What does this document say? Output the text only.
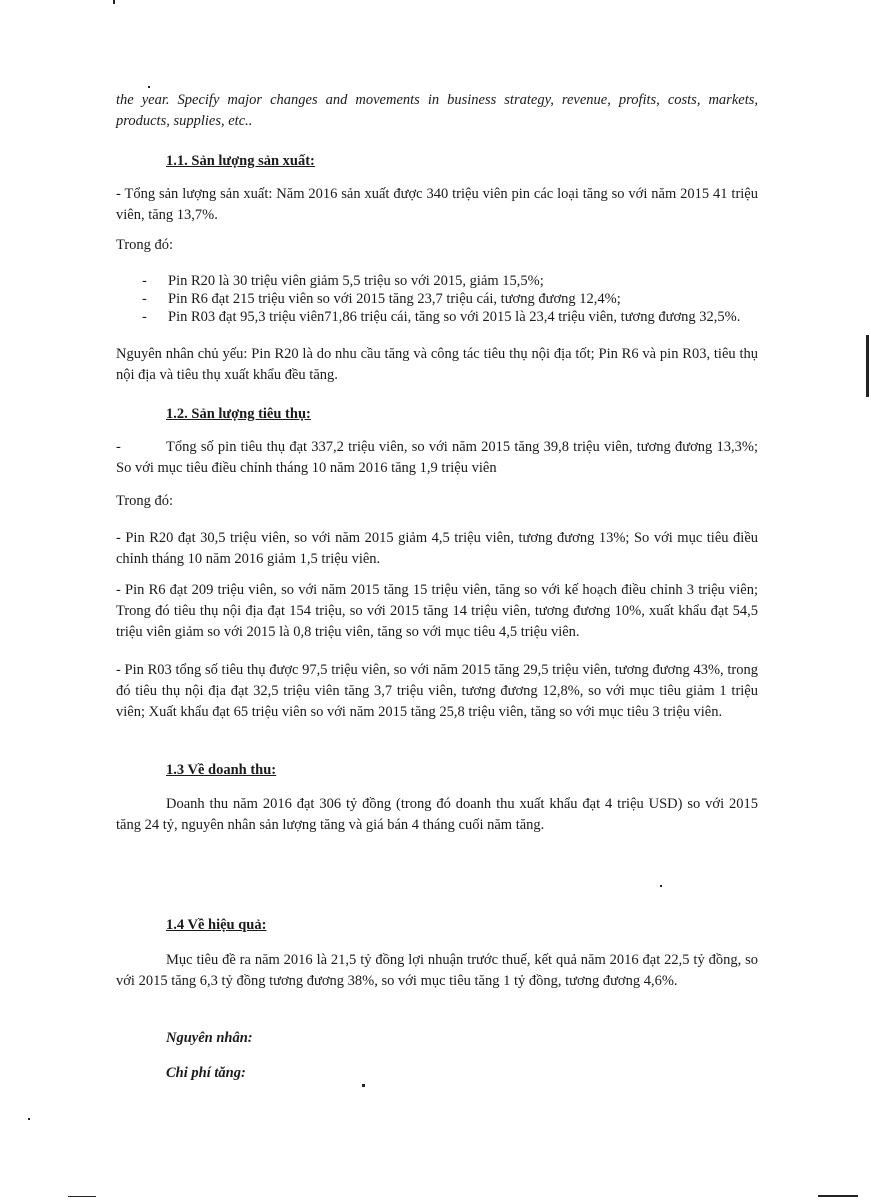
the year. Specify major changes and movements in business strategy, revenue, profits, costs, markets, products, supplies, etc..

1.1. Sản lượng sản xuất:

- Tổng sản lượng sản xuất: Năm 2016 sản xuất được 340 triệu viên pin các loại tăng so với năm 2015 41 triệu viên, tăng 13,7%.

Trong đó:

- Pin R20 là 30 triệu viên giảm 5,5 triệu so với 2015, giảm 15,5%;
- Pin R6 đạt 215 triệu viên so với 2015 tăng 23,7 triệu cái, tương đương 12,4%;
- Pin R03 đạt 95,3 triệu viên71,86 triệu cái, tăng so với 2015 là 23,4 triệu viên, tương đương 32,5%.

Nguyên nhân chủ yếu: Pin R20 là do nhu cầu tăng và công tác tiêu thụ nội địa tốt; Pin R6 và pin R03, tiêu thụ nội địa và tiêu thụ xuất khẩu đều tăng.

1.2. Sản lượng tiêu thụ:

-	Tổng số pin tiêu thụ đạt 337,2 triệu viên, so với năm 2015 tăng 39,8 triệu viên, tương đương 13,3%; So với mục tiêu điều chỉnh tháng 10 năm 2016 tăng 1,9 triệu viên

Trong đó:

- Pin R20 đạt 30,5 triệu viên, so với năm 2015 giảm 4,5 triệu viên, tương đương 13%; So với mục tiêu điều chỉnh tháng 10 năm 2016 giảm 1,5 triệu viên.

- Pin R6 đạt 209 triệu viên, so với năm 2015 tăng 15 triệu viên, tăng so với kế hoạch điều chỉnh 3 triệu viên; Trong đó tiêu thụ nội địa đạt 154 triệu, so với 2015 tăng 14 triệu viên, tương đương 10%, xuất khẩu đạt 54,5 triệu viên giảm so với 2015 là 0,8 triệu viên, tăng so với mục tiêu 4,5 triệu viên.

- Pin R03 tổng số tiêu thụ được 97,5 triệu viên, so với năm 2015 tăng 29,5 triệu viên, tương đương 43%, trong đó tiêu thụ nội địa đạt 32,5 triệu viên tăng 3,7 triệu viên, tương đương 12,8%, so với mục tiêu giảm 1 triệu viên; Xuất khẩu đạt 65 triệu viên so với năm 2015 tăng 25,8 triệu viên, tăng so với mục tiêu 3 triệu viên.

1.3 Về doanh thu:

Doanh thu năm 2016 đạt 306 tỷ đồng (trong đó doanh thu xuất khẩu đạt 4 triệu USD) so với 2015 tăng 24 tỷ, nguyên nhân sản lượng tăng và giá bán 4 tháng cuối năm tăng.

1.4 Về hiệu quả:

Mục tiêu đề ra năm 2016 là 21,5 tỷ đồng lợi nhuận trước thuế, kết quả năm 2016 đạt 22,5 tỷ đồng, so với 2015 tăng 6,3 tỷ đồng tương đương 38%, so với mục tiêu tăng 1 tỷ đồng, tương đương 4,6%.

Nguyên nhân:

Chi phí tăng:
